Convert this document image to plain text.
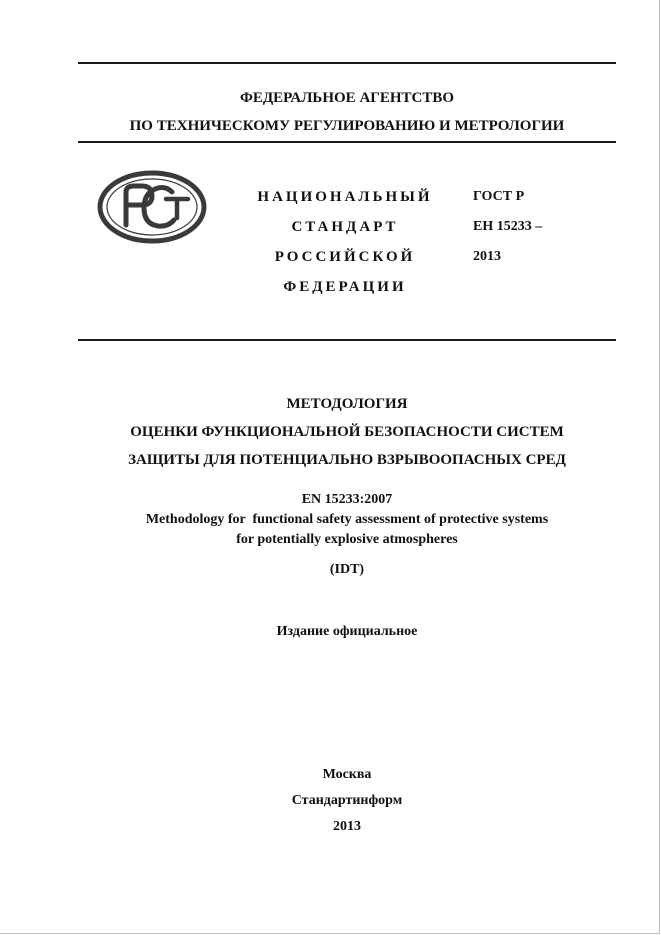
ФЕДЕРАЛЬНОЕ АГЕНТСТВО
ПО ТЕХНИЧЕСКОМУ РЕГУЛИРОВАНИЮ И МЕТРОЛОГИИ
НАЦИОНАЛЬНЫЙ
СТАНДАРТ
РОССИЙСКОЙ
ФЕДЕРАЦИИ
ГОСТ Р
ЕН 15233 –
2013
МЕТОДОЛОГИЯ
ОЦЕНКИ ФУНКЦИОНАЛЬНОЙ БЕЗОПАСНОСТИ СИСТЕМ
ЗАЩИТЫ ДЛЯ ПОТЕНЦИАЛЬНО ВЗРЫВООПАСНЫХ СРЕД
EN 15233:2007
Methodology for  functional safety assessment of protective systems
for potentially explosive atmospheres
(IDT)
Издание официальное
Москва
Стандартинформ
2013
